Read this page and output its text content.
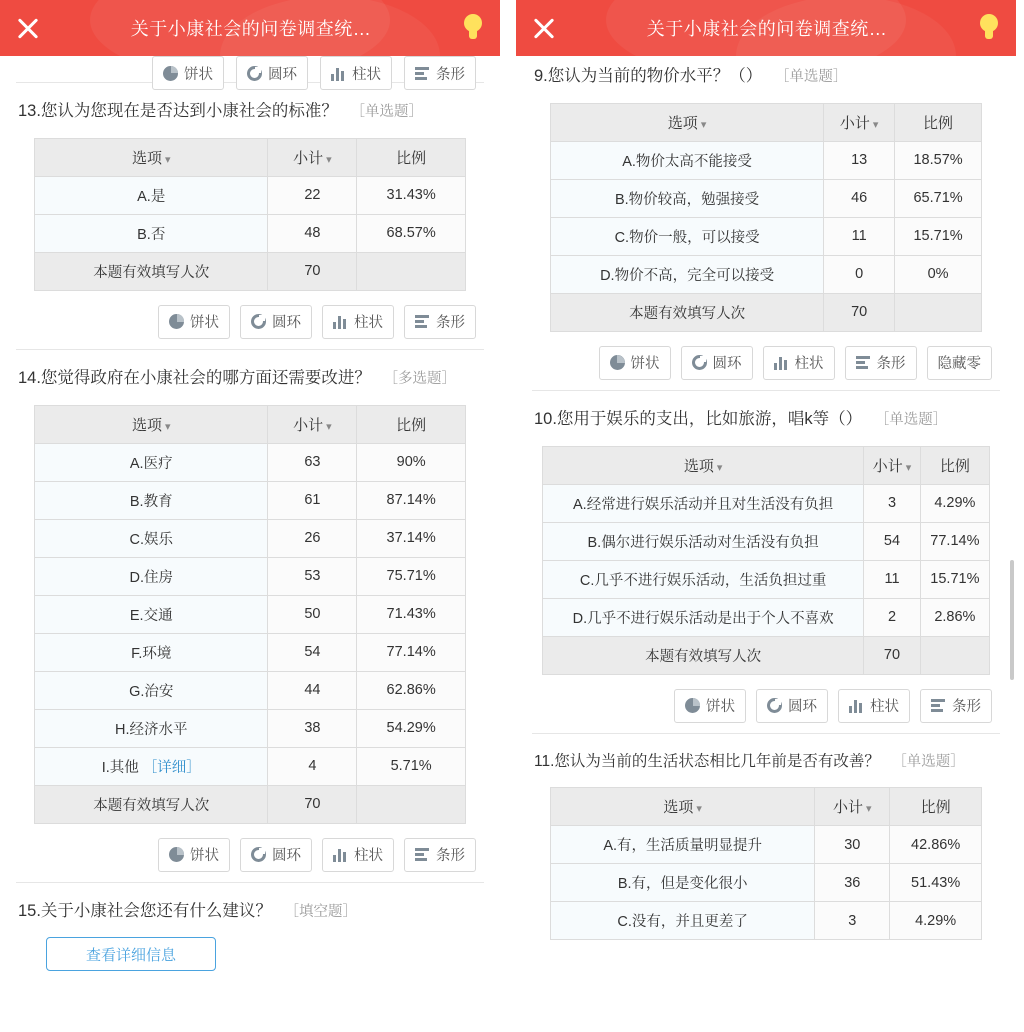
关于小康社会的问卷调查统…
饼状	圆环	柱状	条形
13.您认为您现在是否达到小康社会的标准？ ［单选题］
选项 ▾	小计 ▾	比例
A.是	22	31.43%
B.否	48	68.57%
本题有效填写人次	70	
饼状	圆环	柱状	条形
14.您觉得政府在小康社会的哪方面还需要改进？ ［多选题］
选项 ▾	小计 ▾	比例
A.医疗	63	90%
B.教育	61	87.14%
C.娱乐	26	37.14%
D.住房	53	75.71%
E.交通	50	71.43%
F.环境	54	77.14%
G.治安	44	62.86%
H.经济水平	38	54.29%
I.其他 ［详细］	4	5.71%
本题有效填写人次	70	
饼状	圆环	柱状	条形
15.关于小康社会您还有什么建议？ ［填空题］
查看详细信息
关于小康社会的问卷调查统…
9.您认为当前的物价水平？（） ［单选题］
选项 ▾	小计 ▾	比例
A.物价太高不能接受	13	18.57%
B.物价较高，勉强接受	46	65.71%
C.物价一般，可以接受	11	15.71%
D.物价不高，完全可以接受	0	0%
本题有效填写人次	70	
饼状	圆环	柱状	条形	隐藏零
10.您用于娱乐的支出，比如旅游，唱k等（） ［单选题］
选项 ▾	小计 ▾	比例
A.经常进行娱乐活动并且对生活没有负担	3	4.29%
B.偶尔进行娱乐活动对生活没有负担	54	77.14%
C.几乎不进行娱乐活动，生活负担过重	11	15.71%
D.几乎不进行娱乐活动是出于个人不喜欢	2	2.86%
本题有效填写人次	70	
饼状	圆环	柱状	条形
11.您认为当前的生活状态相比几年前是否有改善？ ［单选题］
选项 ▾	小计 ▾	比例
A.有，生活质量明显提升	30	42.86%
B.有，但是变化很小	36	51.43%
C.没有，并且更差了	3	4.29%
